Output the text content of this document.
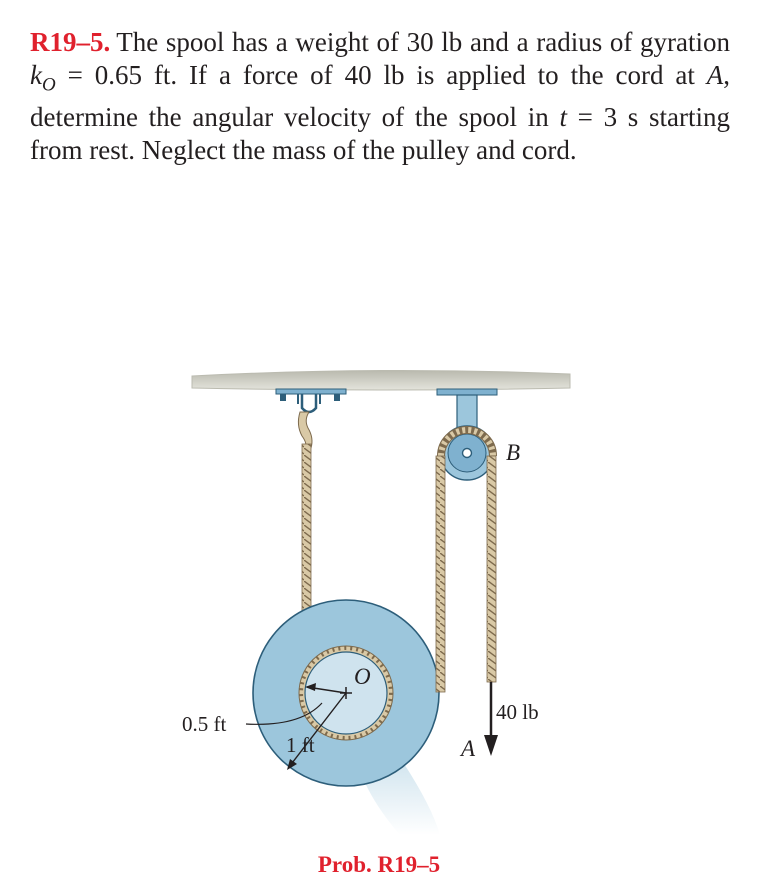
R19–5. The spool has a weight of 30 lb and a radius of gyration $k_O = 0.65$ ft. If a force of 40 lb is applied to the cord at A, determine the angular velocity of the spool in t = 3 s starting from rest. Neglect the mass of the pulley and cord.
B
O
A
40 lb
0.5 ft
1 ft
Prob. R19–5
